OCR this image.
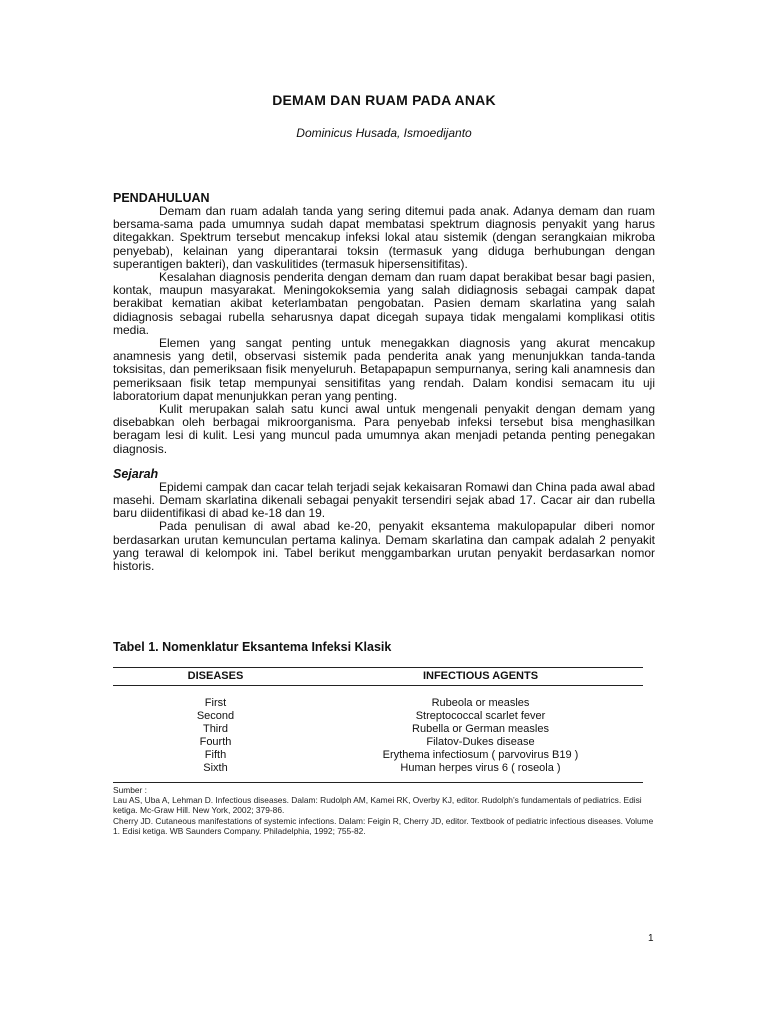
DEMAM DAN RUAM PADA ANAK
Dominicus Husada, Ismoedijanto
PENDAHULUAN

Demam dan ruam adalah tanda yang sering ditemui pada anak. Adanya demam dan ruam bersama-sama pada umumnya sudah dapat membatasi spektrum diagnosis penyakit yang harus ditegakkan. Spektrum tersebut mencakup infeksi lokal atau sistemik (dengan serangkaian mikroba penyebab), kelainan yang diperantarai toksin (termasuk yang diduga berhubungan dengan superantigen bakteri), dan vaskulitides (termasuk hipersensitifitas).

Kesalahan diagnosis penderita dengan demam dan ruam dapat berakibat besar bagi pasien, kontak, maupun masyarakat. Meningokoksemia yang salah didiagnosis sebagai campak dapat berakibat kematian akibat keterlambatan pengobatan. Pasien demam skarlatina yang salah didiagnosis sebagai rubella seharusnya dapat dicegah supaya tidak mengalami komplikasi otitis media.

Elemen yang sangat penting untuk menegakkan diagnosis yang akurat mencakup anamnesis yang detil, observasi sistemik pada penderita anak yang menunjukkan tanda-tanda toksisitas, dan pemeriksaan fisik menyeluruh. Betapapapun sempurnanya, sering kali anamnesis dan pemeriksaan fisik tetap mempunyai sensitifitas yang rendah. Dalam kondisi semacam itu uji laboratorium dapat menunjukkan peran yang penting.

Kulit merupakan salah satu kunci awal untuk mengenali penyakit dengan demam yang disebabkan oleh berbagai mikroorganisma. Para penyebab infeksi tersebut bisa menghasilkan beragam lesi di kulit. Lesi yang muncul pada umumnya akan menjadi petanda penting penegakan diagnosis.

Sejarah

Epidemi campak dan cacar telah terjadi sejak kekaisaran Romawi dan China pada awal abad masehi. Demam skarlatina dikenali sebagai penyakit tersendiri sejak abad 17. Cacar air dan rubella baru diidentifikasi di abad ke-18 dan 19.

Pada penulisan di awal abad ke-20, penyakit eksantema makulopapular diberi nomor berdasarkan urutan kemunculan pertama kalinya. Demam skarlatina dan campak adalah 2 penyakit yang terawal di kelompok ini. Tabel berikut menggambarkan urutan penyakit berdasarkan nomor historis.

Tabel 1. Nomenklatur Eksantema Infeksi Klasik
DISEASES	INFECTIOUS AGENTS
First	Rubeola or measles
Second	Streptococcal scarlet fever
Third	Rubella or German measles
Fourth	Filatov-Dukes disease
Fifth	Erythema infectiosum ( parvovirus B19 )
Sixth	Human herpes virus 6 ( roseola )
Sumber :
Lau AS, Uba A, Lehman D. Infectious diseases. Dalam: Rudolph AM, Kamei RK, Overby KJ, editor. Rudolph’s fundamentals of pediatrics. Edisi ketiga. Mc-Graw Hill. New York, 2002; 379-86.
Cherry JD. Cutaneous manifestations of systemic infections. Dalam: Feigin R, Cherry JD, editor. Textbook of pediatric infectious diseases. Volume 1. Edisi ketiga. WB Saunders Company. Philadelphia, 1992; 755-82.
1
